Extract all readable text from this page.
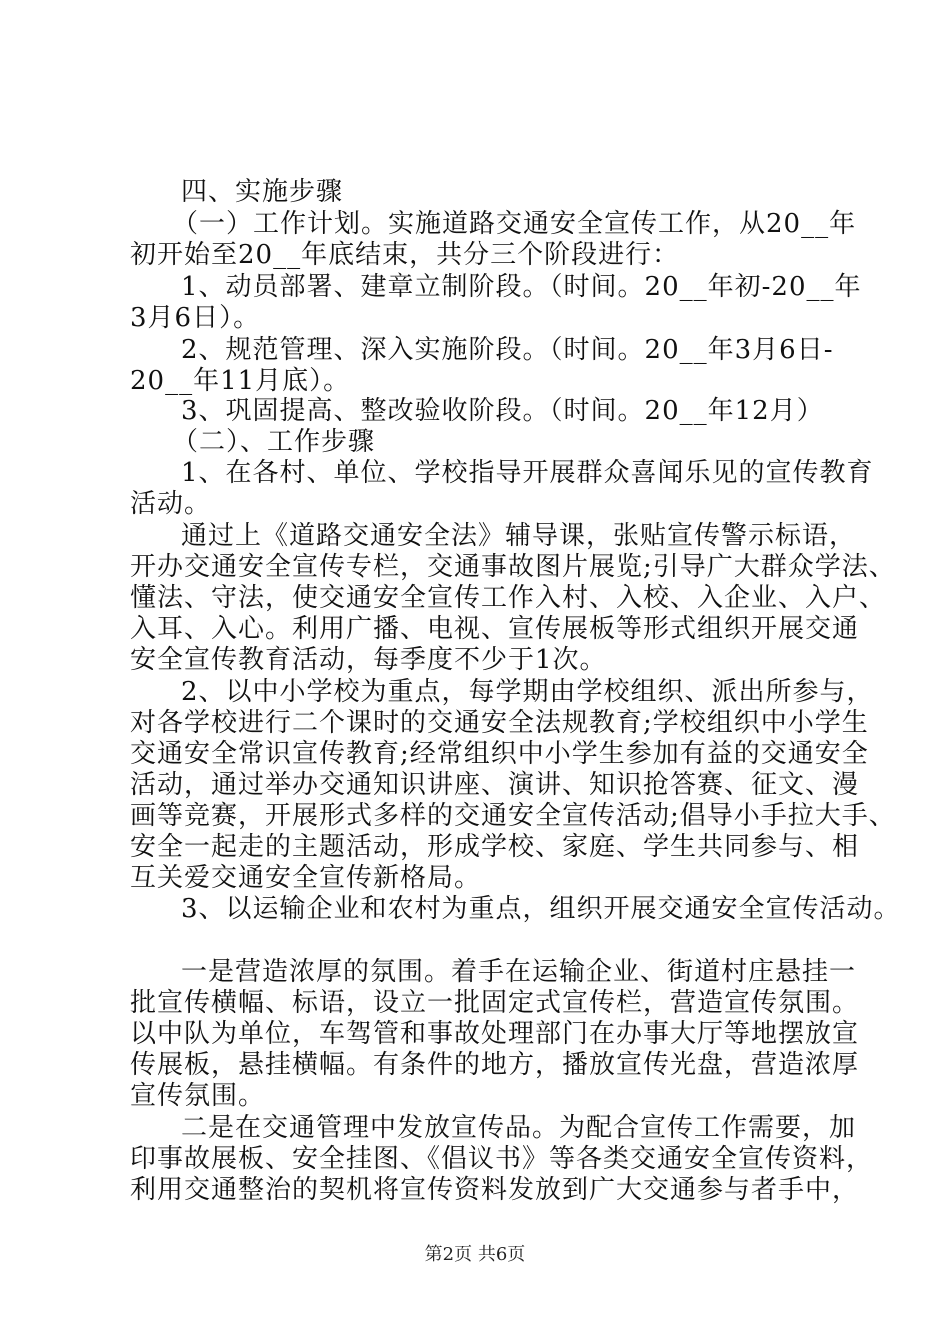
四、实施步骤
（一）工作计划。实施道路交通安全宣传工作，从20__年
初开始至20__年底结束，共分三个阶段进行：
1、动员部署、建章立制阶段。（时间。20__年初-20__年
3月6日）。
2、规范管理、深入实施阶段。（时间。20__年3月6日-
20__年11月底）。
3、巩固提高、整改验收阶段。（时间。20__年12月）
（二）、工作步骤
1、在各村、单位、学校指导开展群众喜闻乐见的宣传教育
活动。
通过上《道路交通安全法》辅导课，张贴宣传警示标语，
开办交通安全宣传专栏，交通事故图片展览;引导广大群众学法、
懂法、守法，使交通安全宣传工作入村、入校、入企业、入户、
入耳、入心。利用广播、电视、宣传展板等形式组织开展交通
安全宣传教育活动，每季度不少于1次。
2、以中小学校为重点，每学期由学校组织、派出所参与，
对各学校进行二个课时的交通安全法规教育;学校组织中小学生
交通安全常识宣传教育;经常组织中小学生参加有益的交通安全
活动，通过举办交通知识讲座、演讲、知识抢答赛、征文、漫
画等竞赛，开展形式多样的交通安全宣传活动;倡导小手拉大手、
安全一起走的主题活动，形成学校、家庭、学生共同参与、相
互关爱交通安全宣传新格局。
3、以运输企业和农村为重点，组织开展交通安全宣传活动。
一是营造浓厚的氛围。着手在运输企业、街道村庄悬挂一
批宣传横幅、标语，设立一批固定式宣传栏，营造宣传氛围。
以中队为单位，车驾管和事故处理部门在办事大厅等地摆放宣
传展板，悬挂横幅。有条件的地方，播放宣传光盘，营造浓厚
宣传氛围。
二是在交通管理中发放宣传品。为配合宣传工作需要，加
印事故展板、安全挂图、《倡议书》等各类交通安全宣传资料，
利用交通整治的契机将宣传资料发放到广大交通参与者手中，
第2页 共6页
